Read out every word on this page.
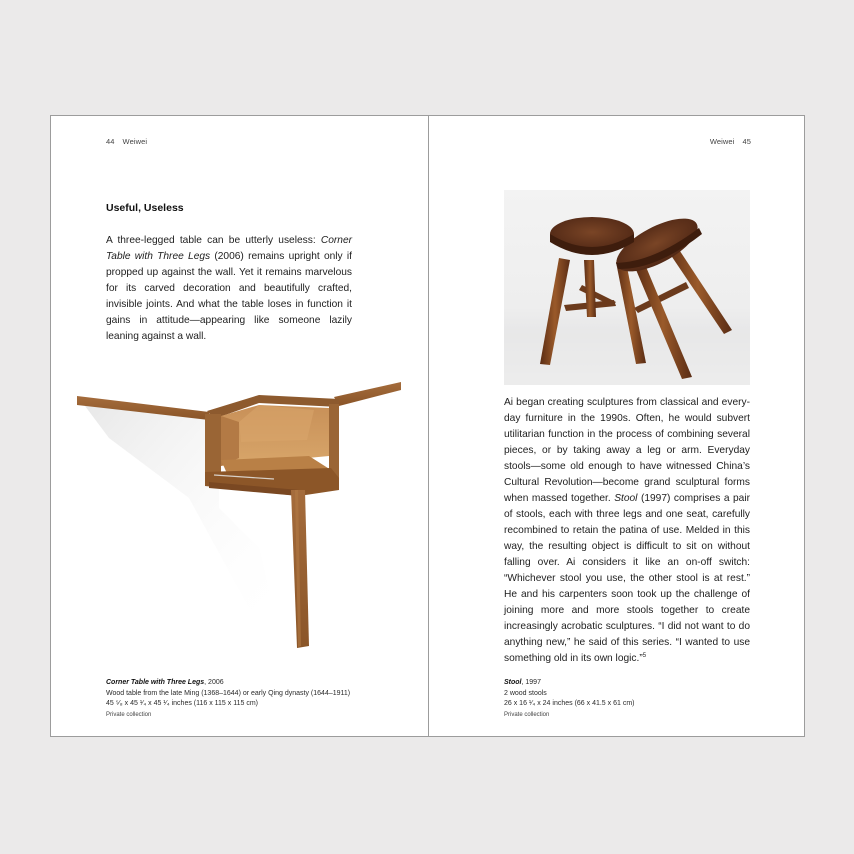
44 Weiwei
Useful, Useless
A three-legged table can be utterly useless: Corner Table with Three Legs (2006) remains upright only if propped up against the wall. Yet it remains marvelous for its carved decoration and beautifully crafted, invisible joints. And what the table loses in function it gains in attitude—appearing like someone lazily leaning against a wall.
Corner Table with Three Legs, 2006
Wood table from the late Ming (1368–1644) or early Qing dynasty (1644–1911)
45 ⁵⁄₈ x 45 ¹⁄₄ x 45 ¹⁄₄ inches (116 x 115 x 115 cm)
Private collection
Weiwei 45
Ai began creating sculptures from classical and everyday furniture in the 1990s. Often, he would subvert utilitarian function in the process of combining several pieces, or by taking away a leg or arm. Everyday stools—some old enough to have witnessed China’s Cultural Revolution—become grand sculptural forms when massed together. Stool (1997) comprises a pair of stools, each with three legs and one seat, carefully recombined to retain the patina of use. Melded in this way, the resulting object is difficult to sit on without falling over. Ai considers it like an on-off switch: “Whichever stool you use, the other stool is at rest.” He and his carpenters soon took up the challenge of joining more and more stools together to create increasingly acrobatic sculptures. “I did not want to do anything new,” he said of this series. “I wanted to use something old in its own logic.”$^5$
Stool, 1997
2 wood stools
26 x 16 ¹⁄₄ x 24 inches (66 x 41.5 x 61 cm)
Private collection
